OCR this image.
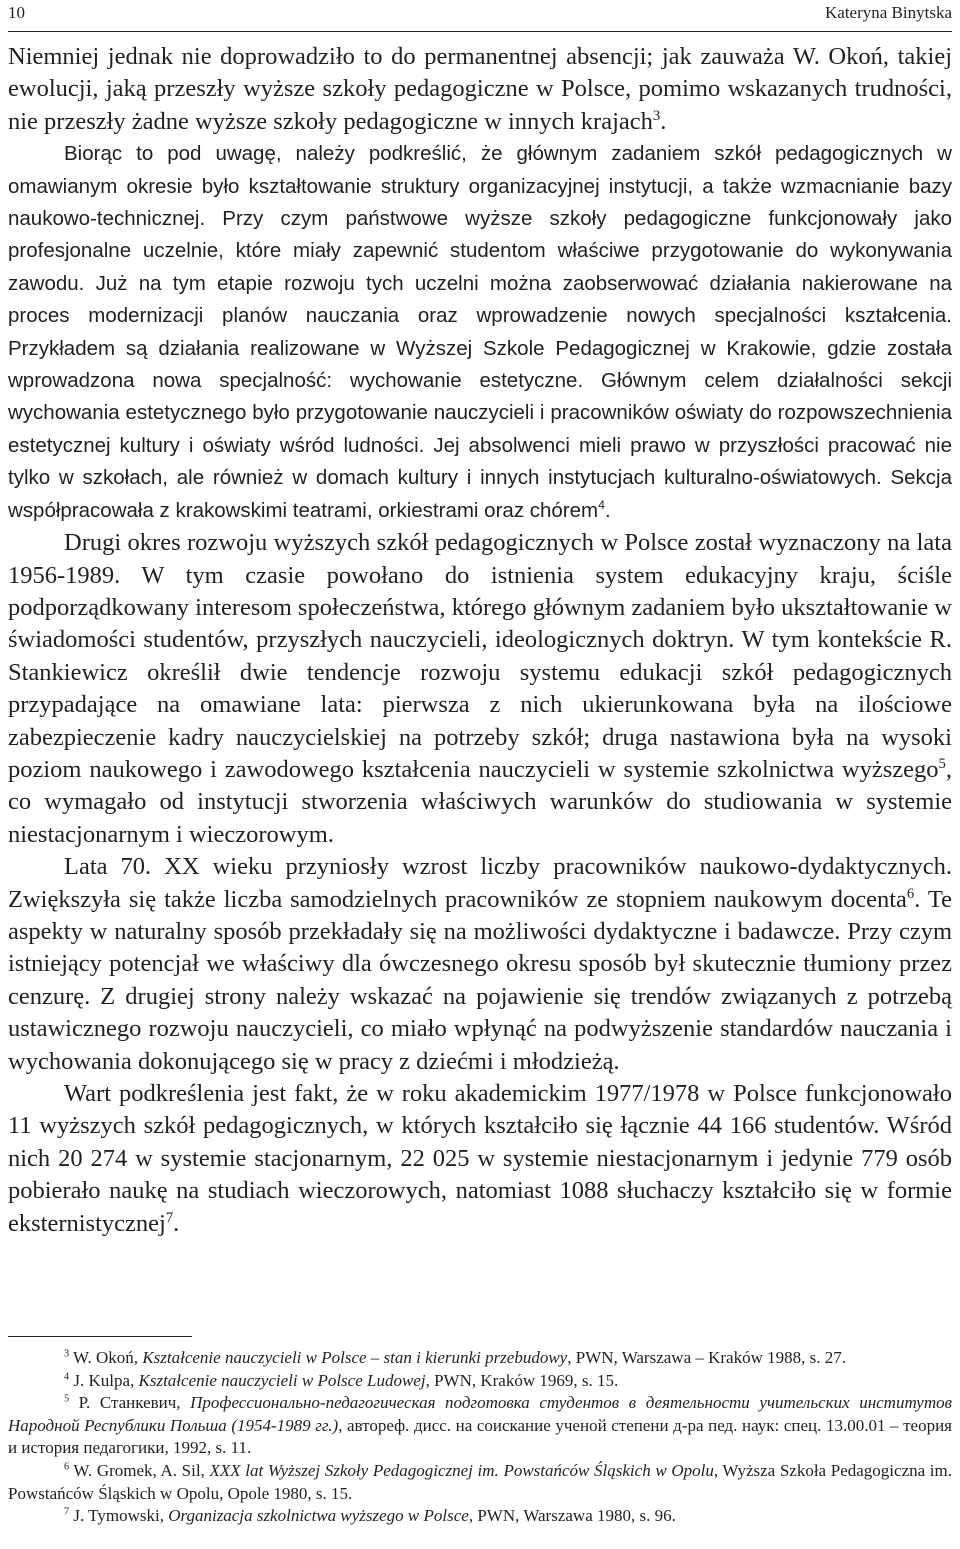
10	Kateryna Binytska

Niemniej jednak nie doprowadziło to do permanentnej absencji; jak zauważa W. Okoń, takiej ewolucji, jaką przeszły wyższe szkoły pedagogiczne w Polsce, pomimo wskazanych trudności, nie przeszły żadne wyższe szkoły pedagogiczne w innych krajach$^3$.

Biorąc to pod uwagę, należy podkreślić, że głównym zadaniem szkół pedagogicznych w omawianym okresie było kształtowanie struktury organizacyjnej instytucji, a także wzmacnianie bazy naukowo-technicznej. Przy czym państwowe wyższe szkoły pedagogiczne funkcjonowały jako profesjonalne uczelnie, które miały zapewnić studentom właściwe przygotowanie do wykonywania zawodu. Już na tym etapie rozwoju tych uczelni można zaobserwować działania nakierowane na proces modernizacji planów nauczania oraz wprowadzenie nowych specjalności kształcenia. Przykładem są działania realizowane w Wyższej Szkole Pedagogicznej w Krakowie, gdzie została wprowadzona nowa specjalność: wychowanie estetyczne. Głównym celem działalności sekcji wychowania estetycznego było przygotowanie nauczycieli i pracowników oświaty do rozpowszechnienia estetycznej kultury i oświaty wśród ludności. Jej absolwenci mieli prawo w przyszłości pracować nie tylko w szkołach, ale również w domach kultury i innych instytucjach kulturalno-oświatowych. Sekcja współpracowała z krakowskimi teatrami, orkiestrami oraz chórem$^4$.

Drugi okres rozwoju wyższych szkół pedagogicznych w Polsce został wyznaczony na lata 1956-1989. W tym czasie powołano do istnienia system edukacyjny kraju, ściśle podporządkowany interesom społeczeństwa, którego głównym zadaniem było ukształtowanie w świadomości studentów, przyszłych nauczycieli, ideologicznych doktryn. W tym kontekście R. Stankiewicz określił dwie tendencje rozwoju systemu edukacji szkół pedagogicznych przypadające na omawiane lata: pierwsza z nich ukierunkowana była na ilościowe zabezpieczenie kadry nauczycielskiej na potrzeby szkół; druga nastawiona była na wysoki poziom naukowego i zawodowego kształcenia nauczycieli w systemie szkolnictwa wyższego$^5$, co wymagało od instytucji stworzenia właściwych warunków do studiowania w systemie niestacjonarnym i wieczorowym.

Lata 70. XX wieku przyniosły wzrost liczby pracowników naukowo-dydaktycznych. Zwiększyła się także liczba samodzielnych pracowników ze stopniem naukowym docenta$^6$. Te aspekty w naturalny sposób przekładały się na możliwości dydaktyczne i badawcze. Przy czym istniejący potencjał we właściwy dla ówczesnego okresu sposób był skutecznie tłumiony przez cenzurę. Z drugiej strony należy wskazać na pojawienie się trendów związanych z potrzebą ustawicznego rozwoju nauczycieli, co miało wpłynąć na podwyższenie standardów nauczania i wychowania dokonującego się w pracy z dziećmi i młodzieżą.

Wart podkreślenia jest fakt, że w roku akademickim 1977/1978 w Polsce funkcjonowało 11 wyższych szkół pedagogicznych, w których kształciło się łącznie 44 166 studentów. Wśród nich 20 274 w systemie stacjonarnym, 22 025 w systemie niestacjonarnym i jedynie 779 osób pobierało naukę na studiach wieczorowych, natomiast 1088 słuchaczy kształciło się w formie eksternistycznej$^7$.

$^3$ W. Okoń, Kształcenie nauczycieli w Polsce – stan i kierunki przebudowy, PWN, Warszawa – Kraków 1988, s. 27.

$^4$ J. Kulpa, Kształcenie nauczycieli w Polsce Ludowej, PWN, Kraków 1969, s. 15.

$^5$ Р. Станкевич, Профессионально-педагогическая подготовка студентов в деятельности учительских институтов Народной Республики Польша (1954-1989 гг.), автореф. дисс. на соискание ученой степени д-ра пед. наук: спец. 13.00.01 – теория и история педагогики, 1992, s. 11.

$^6$ W. Gromek, A. Sil, XXX lat Wyższej Szkoły Pedagogicznej im. Powstańców Śląskich w Opolu, Wyższa Szkoła Pedagogiczna im. Powstańców Śląskich w Opolu, Opole 1980, s. 15.

$^7$ J. Tymowski, Organizacja szkolnictwa wyższego w Polsce, PWN, Warszawa 1980, s. 96.
